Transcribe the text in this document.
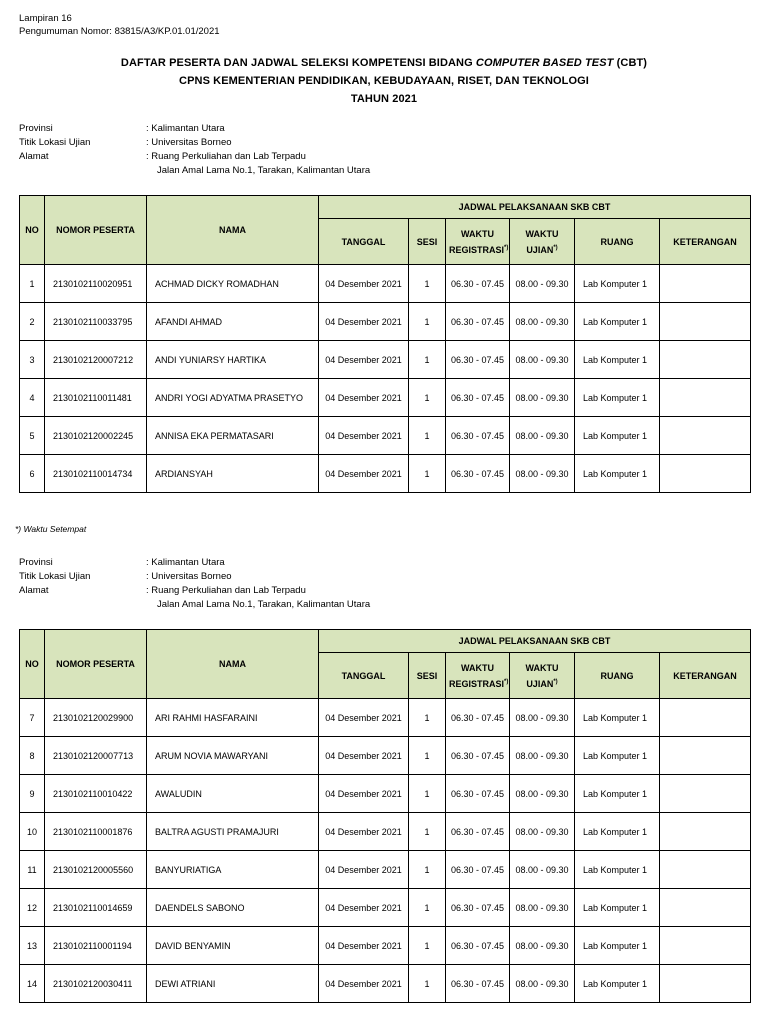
Lampiran 16
Pengumuman Nomor: 83815/A3/KP.01.01/2021
DAFTAR PESERTA DAN JADWAL SELEKSI KOMPETENSI BIDANG COMPUTER BASED TEST (CBT)
CPNS KEMENTERIAN PENDIDIKAN, KEBUDAYAAN, RISET, DAN TEKNOLOGI
TAHUN 2021
Provinsi	: Kalimantan Utara
Titik Lokasi Ujian	: Universitas Borneo
Alamat	: Ruang Perkuliahan dan Lab Terpadu
Jalan Amal Lama No.1, Tarakan, Kalimantan Utara
NO	NOMOR PESERTA	NAMA	JADWAL PELAKSANAAN SKB CBT					
			TANGGAL	SESI	WAKTU
REGISTRASI*)	WAKTU
UJIAN*)	RUANG	KETERANGAN
1	2130102110020951	ACHMAD DICKY ROMADHAN	04 Desember 2021	1	06.30 - 07.45	08.00 - 09.30	Lab Komputer 1	
2	2130102110033795	AFANDI AHMAD	04 Desember 2021	1	06.30 - 07.45	08.00 - 09.30	Lab Komputer 1	
3	2130102120007212	ANDI YUNIARSY HARTIKA	04 Desember 2021	1	06.30 - 07.45	08.00 - 09.30	Lab Komputer 1	
4	2130102110011481	ANDRI YOGI ADYATMA PRASETYO	04 Desember 2021	1	06.30 - 07.45	08.00 - 09.30	Lab Komputer 1	
5	2130102120002245	ANNISA EKA PERMATASARI	04 Desember 2021	1	06.30 - 07.45	08.00 - 09.30	Lab Komputer 1	
6	2130102110014734	ARDIANSYAH	04 Desember 2021	1	06.30 - 07.45	08.00 - 09.30	Lab Komputer 1	
*) Waktu Setempat
Provinsi	: Kalimantan Utara
Titik Lokasi Ujian	: Universitas Borneo
Alamat	: Ruang Perkuliahan dan Lab Terpadu
Jalan Amal Lama No.1, Tarakan, Kalimantan Utara
NO	NOMOR PESERTA	NAMA	JADWAL PELAKSANAAN SKB CBT					
			TANGGAL	SESI	WAKTU
REGISTRASI*)	WAKTU
UJIAN*)	RUANG	KETERANGAN
7	2130102120029900	ARI RAHMI HASFARAINI	04 Desember 2021	1	06.30 - 07.45	08.00 - 09.30	Lab Komputer 1	
8	2130102120007713	ARUM NOVIA MAWARYANI	04 Desember 2021	1	06.30 - 07.45	08.00 - 09.30	Lab Komputer 1	
9	2130102110010422	AWALUDIN	04 Desember 2021	1	06.30 - 07.45	08.00 - 09.30	Lab Komputer 1	
10	2130102110001876	BALTRA AGUSTI PRAMAJURI	04 Desember 2021	1	06.30 - 07.45	08.00 - 09.30	Lab Komputer 1	
11	2130102120005560	BANYURIATIGA	04 Desember 2021	1	06.30 - 07.45	08.00 - 09.30	Lab Komputer 1	
12	2130102110014659	DAENDELS SABONO	04 Desember 2021	1	06.30 - 07.45	08.00 - 09.30	Lab Komputer 1	
13	2130102110001194	DAVID BENYAMIN	04 Desember 2021	1	06.30 - 07.45	08.00 - 09.30	Lab Komputer 1	
14	2130102120030411	DEWI ATRIANI	04 Desember 2021	1	06.30 - 07.45	08.00 - 09.30	Lab Komputer 1	
